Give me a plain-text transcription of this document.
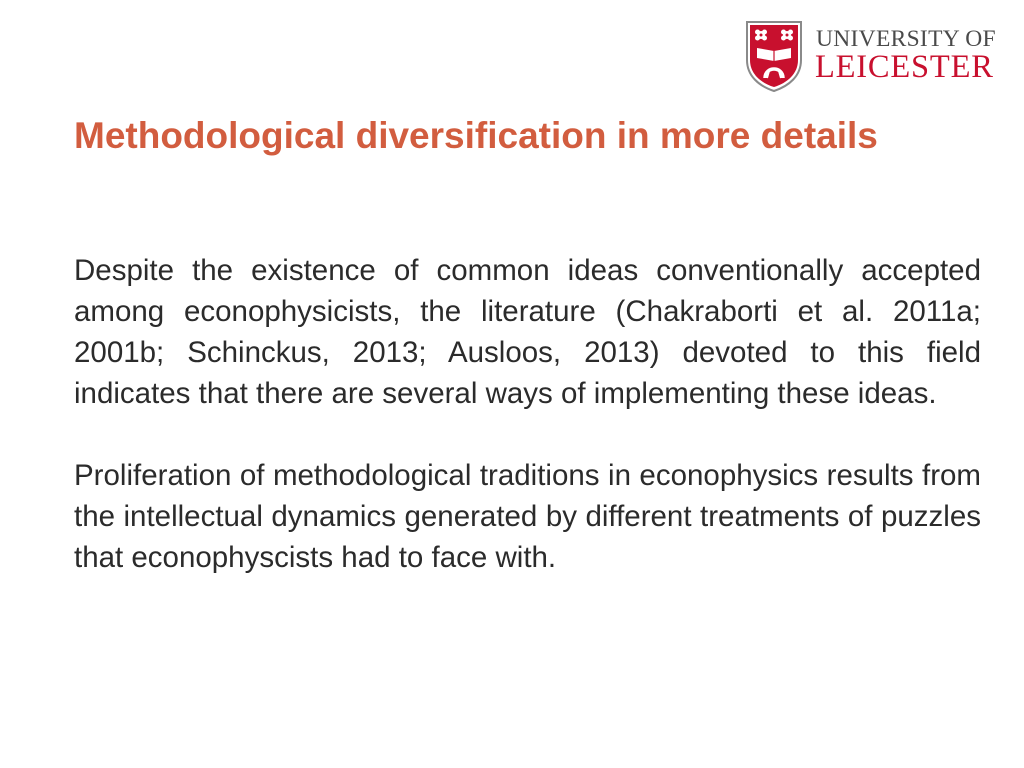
UNIVERSITY OF
LEICESTER
Methodological diversification in more details

Despite the existence of common ideas conventionally accepted among econophysicists, the literature (Chakraborti et al. 2011a; 2001b; Schinckus, 2013; Ausloos, 2013) devoted to this field indicates that there are several ways of implementing these ideas.

Proliferation of methodological traditions in econophysics results from the intellectual dynamics generated by different treatments of puzzles that econophyscists had to face with.
